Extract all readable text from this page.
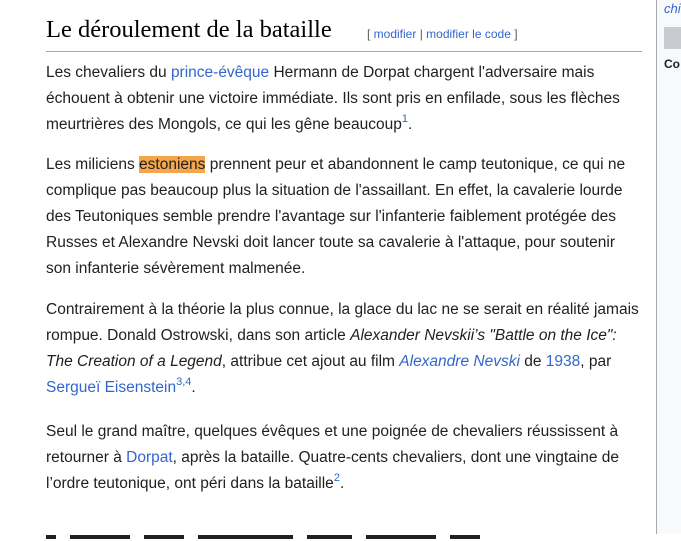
Le déroulement de la bataille	[ modifier | modifier le code ]

Les chevaliers du prince-évêque Hermann de Dorpat chargent l'adversaire mais échouent à obtenir une victoire immédiate. Ils sont pris en enfilade, sous les flèches meurtrières des Mongols, ce qui les gêne beaucoup$^1$.

Les miliciens estoniens prennent peur et abandonnent le camp teutonique, ce qui ne complique pas beaucoup plus la situation de l'assaillant. En effet, la cavalerie lourde des Teutoniques semble prendre l'avantage sur l'infanterie faiblement protégée des Russes et Alexandre Nevski doit lancer toute sa cavalerie à l'attaque, pour soutenir son infanterie sévèrement malmenée.

Contrairement à la théorie la plus connue, la glace du lac ne se serait en réalité jamais rompue. Donald Ostrowski, dans son article Alexander Nevskii’s "Battle on the Ice": The Creation of a Legend, attribue cet ajout au film Alexandre Nevski de 1938, par Sergueï Eisenstein$^{3,4}$.

Seul le grand maître, quelques évêques et une poignée de chevaliers réussissent à retourner à Dorpat, après la bataille. Quatre-cents chevaliers, dont une vingtaine de l’ordre teutonique, ont péri dans la bataille$^2$.

chi
Co
